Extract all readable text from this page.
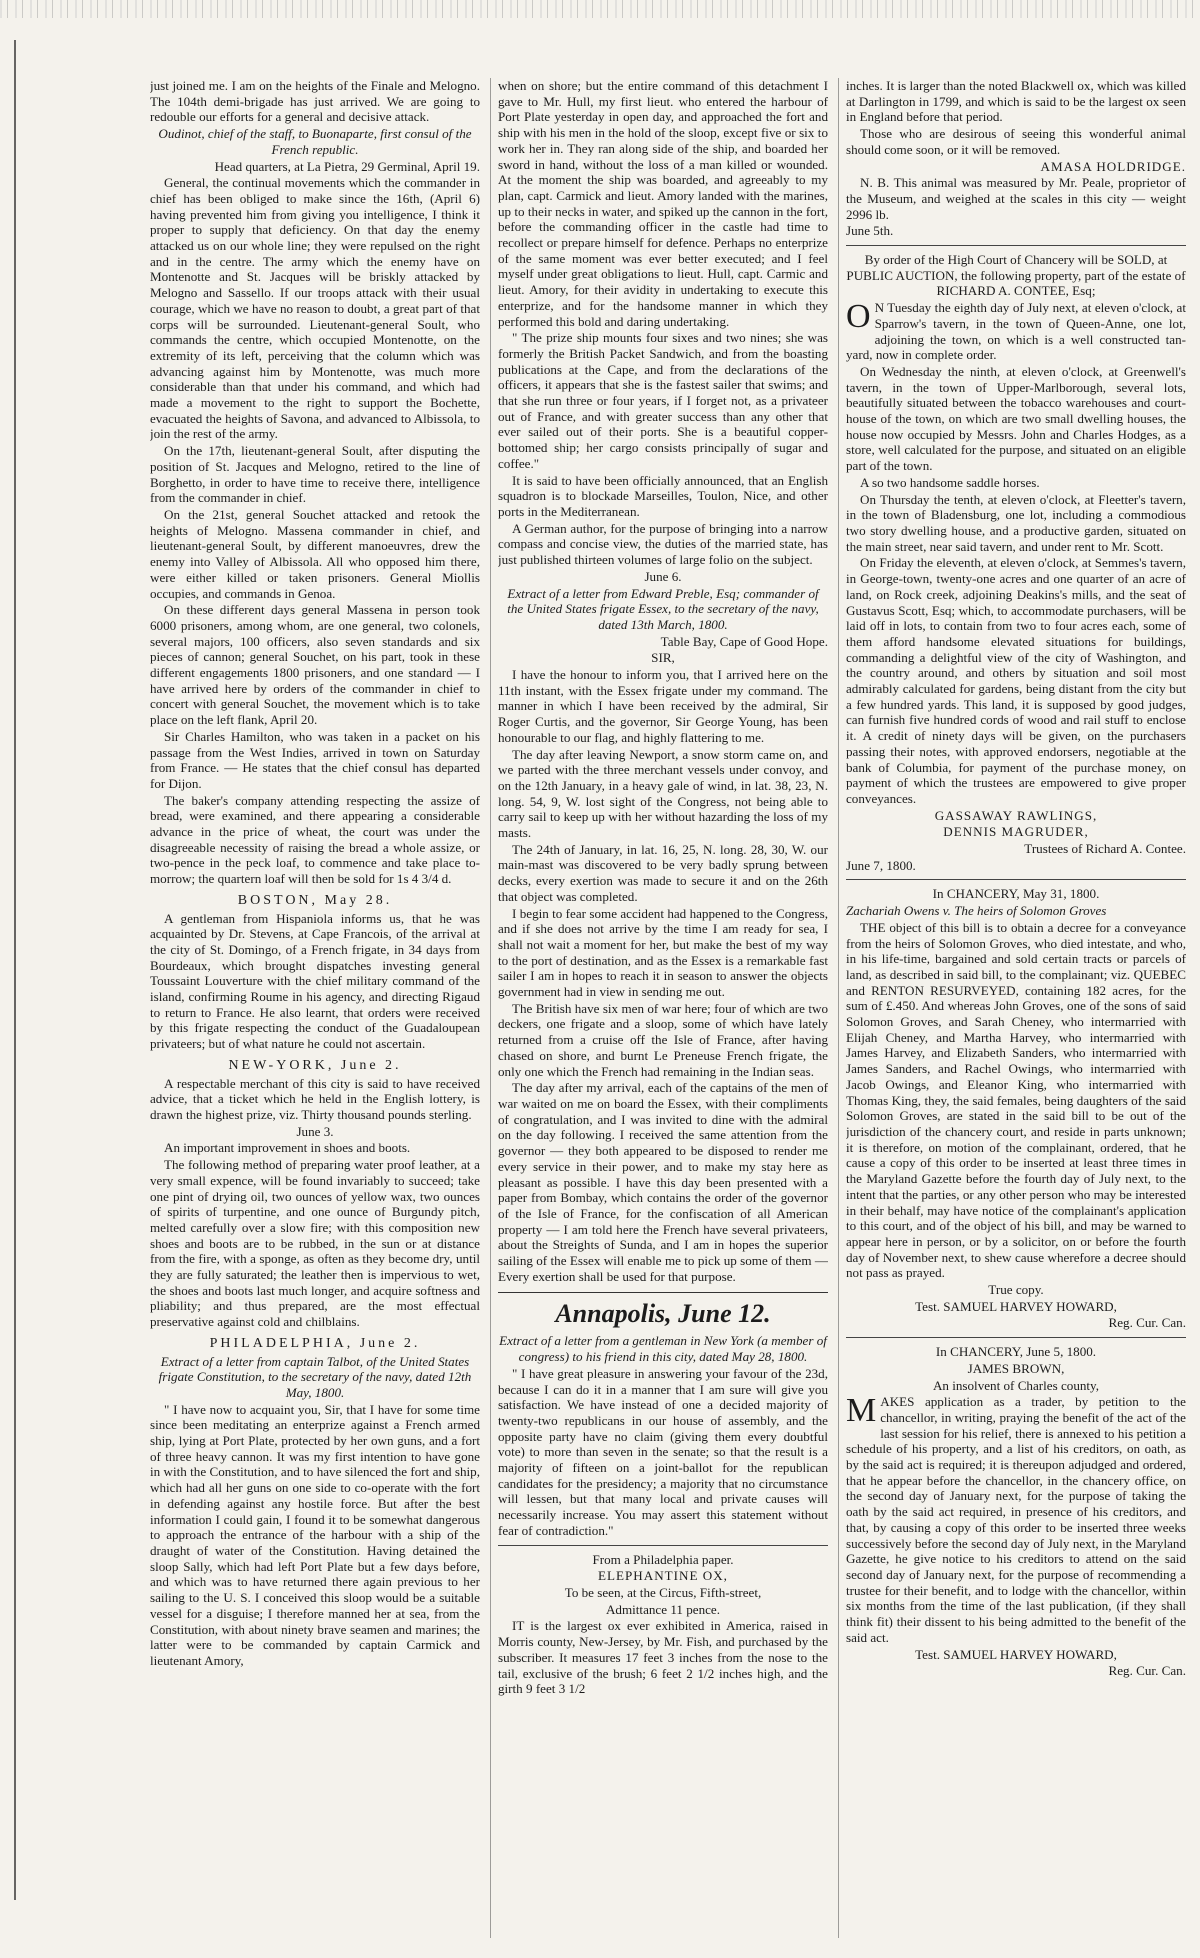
just joined me. I am on the heights of the Finale and Melogno. The 104th demi-brigade has just arrived. We are going to redouble our efforts for a general and decisive attack.

Oudinot, chief of the staff, to Buonaparte, first consul of the French republic.

Head quarters, at La Pietra, 29 Germinal, April 19.

General, the continual movements which the commander in chief has been obliged to make since the 16th, (April 6) having prevented him from giving you intelligence, I think it proper to supply that deficiency. On that day the enemy attacked us on our whole line; they were repulsed on the right and in the centre. The army which the enemy have on Montenotte and St. Jacques will be briskly attacked by Melogno and Sassello. If our troops attack with their usual courage, which we have no reason to doubt, a great part of that corps will be surrounded. Lieutenant-general Soult, who commands the centre, which occupied Montenotte, on the extremity of its left, perceiving that the column which was advancing against him by Montenotte, was much more considerable than that under his command, and which had made a movement to the right to support the Bochette, evacuated the heights of Savona, and advanced to Albissola, to join the rest of the army.

On the 17th, lieutenant-general Soult, after disputing the position of St. Jacques and Melogno, retired to the line of Borghetto, in order to have time to receive there, intelligence from the commander in chief.

On the 21st, general Souchet attacked and retook the heights of Melogno. Massena commander in chief, and lieutenant-general Soult, by different manoeuvres, drew the enemy into Valley of Albissola. All who opposed him there, were either killed or taken prisoners. General Miollis occupies, and commands in Genoa.

On these different days general Massena in person took 6000 prisoners, among whom, are one general, two colonels, several majors, 100 officers, also seven standards and six pieces of cannon; general Souchet, on his part, took in these different engagements 1800 prisoners, and one standard — I have arrived here by orders of the commander in chief to concert with general Souchet, the movement which is to take place on the left flank, April 20.

Sir Charles Hamilton, who was taken in a packet on his passage from the West Indies, arrived in town on Saturday from France. — He states that the chief consul has departed for Dijon.

The baker's company attending respecting the assize of bread, were examined, and there appearing a considerable advance in the price of wheat, the court was under the disagreeable necessity of raising the bread a whole assize, or two-pence in the peck loaf, to commence and take place to-morrow; the quartern loaf will then be sold for 1s 4 3/4 d.

BOSTON, May 28.

A gentleman from Hispaniola informs us, that he was acquainted by Dr. Stevens, at Cape Francois, of the arrival at the city of St. Domingo, of a French frigate, in 34 days from Bourdeaux, which brought dispatches investing general Toussaint Louverture with the chief military command of the island, confirming Roume in his agency, and directing Rigaud to return to France. He also learnt, that orders were received by this frigate respecting the conduct of the Guadaloupean privateers; but of what nature he could not ascertain.

NEW-YORK, June 2.

A respectable merchant of this city is said to have received advice, that a ticket which he held in the English lottery, is drawn the highest prize, viz. Thirty thousand pounds sterling.

June 3.

An important improvement in shoes and boots.

The following method of preparing water proof leather, at a very small expence, will be found invariably to succeed; take one pint of drying oil, two ounces of yellow wax, two ounces of spirits of turpentine, and one ounce of Burgundy pitch, melted carefully over a slow fire; with this composition new shoes and boots are to be rubbed, in the sun or at distance from the fire, with a sponge, as often as they become dry, until they are fully saturated; the leather then is impervious to wet, the shoes and boots last much longer, and acquire softness and pliability; and thus prepared, are the most effectual preservative against cold and chilblains.

PHILADELPHIA, June 2.

Extract of a letter from captain Talbot, of the United States frigate Constitution, to the secretary of the navy, dated 12th May, 1800.

" I have now to acquaint you, Sir, that I have for some time since been meditating an enterprize against a French armed ship, lying at Port Plate, protected by her own guns, and a fort of three heavy cannon. It was my first intention to have gone in with the Constitution, and to have silenced the fort and ship, which had all her guns on one side to co-operate with the fort in defending against any hostile force. But after the best information I could gain, I found it to be somewhat dangerous to approach the entrance of the harbour with a ship of the draught of water of the Constitution. Having detained the sloop Sally, which had left Port Plate but a few days before, and which was to have returned there again previous to her sailing to the U. S. I conceived this sloop would be a suitable vessel for a disguise; I therefore manned her at sea, from the Constitution, with about ninety brave seamen and marines; the latter were to be commanded by captain Carmick and lieutenant Amory,

when on shore; but the entire command of this detachment I gave to Mr. Hull, my first lieut. who entered the harbour of Port Plate yesterday in open day, and approached the fort and ship with his men in the hold of the sloop, except five or six to work her in. They ran along side of the ship, and boarded her sword in hand, without the loss of a man killed or wounded. At the moment the ship was boarded, and agreeably to my plan, capt. Carmick and lieut. Amory landed with the marines, up to their necks in water, and spiked up the cannon in the fort, before the commanding officer in the castle had time to recollect or prepare himself for defence. Perhaps no enterprize of the same moment was ever better executed; and I feel myself under great obligations to lieut. Hull, capt. Carmic and lieut. Amory, for their avidity in undertaking to execute this enterprize, and for the handsome manner in which they performed this bold and daring undertaking.

" The prize ship mounts four sixes and two nines; she was formerly the British Packet Sandwich, and from the boasting publications at the Cape, and from the declarations of the officers, it appears that she is the fastest sailer that swims; and that she run three or four years, if I forget not, as a privateer out of France, and with greater success than any other that ever sailed out of their ports. She is a beautiful copper-bottomed ship; her cargo consists principally of sugar and coffee."

It is said to have been officially announced, that an English squadron is to blockade Marseilles, Toulon, Nice, and other ports in the Mediterranean.

A German author, for the purpose of bringing into a narrow compass and concise view, the duties of the married state, has just published thirteen volumes of large folio on the subject.

June 6.

Extract of a letter from Edward Preble, Esq; commander of the United States frigate Essex, to the secretary of the navy, dated 13th March, 1800.

Table Bay, Cape of Good Hope.

SIR,

I have the honour to inform you, that I arrived here on the 11th instant, with the Essex frigate under my command. The manner in which I have been received by the admiral, Sir Roger Curtis, and the governor, Sir George Young, has been honourable to our flag, and highly flattering to me.

The day after leaving Newport, a snow storm came on, and we parted with the three merchant vessels under convoy, and on the 12th January, in a heavy gale of wind, in lat. 38, 23, N. long. 54, 9, W. lost sight of the Congress, not being able to carry sail to keep up with her without hazarding the loss of my masts.

The 24th of January, in lat. 16, 25, N. long. 28, 30, W. our main-mast was discovered to be very badly sprung between decks, every exertion was made to secure it and on the 26th that object was completed.

I begin to fear some accident had happened to the Congress, and if she does not arrive by the time I am ready for sea, I shall not wait a moment for her, but make the best of my way to the port of destination, and as the Essex is a remarkable fast sailer I am in hopes to reach it in season to answer the objects government had in view in sending me out.

The British have six men of war here; four of which are two deckers, one frigate and a sloop, some of which have lately returned from a cruise off the Isle of France, after having chased on shore, and burnt Le Preneuse French frigate, the only one which the French had remaining in the Indian seas.

The day after my arrival, each of the captains of the men of war waited on me on board the Essex, with their compliments of congratulation, and I was invited to dine with the admiral on the day following. I received the same attention from the governor — they both appeared to be disposed to render me every service in their power, and to make my stay here as pleasant as possible. I have this day been presented with a paper from Bombay, which contains the order of the governor of the Isle of France, for the confiscation of all American property — I am told here the French have several privateers, about the Streights of Sunda, and I am in hopes the superior sailing of the Essex will enable me to pick up some of them — Every exertion shall be used for that purpose.

Annapolis, June 12.

Extract of a letter from a gentleman in New York (a member of congress) to his friend in this city, dated May 28, 1800.

" I have great pleasure in answering your favour of the 23d, because I can do it in a manner that I am sure will give you satisfaction. We have instead of one a decided majority of twenty-two republicans in our house of assembly, and the opposite party have no claim (giving them every doubtful vote) to more than seven in the senate; so that the result is a majority of fifteen on a joint-ballot for the republican candidates for the presidency; a majority that no circumstance will lessen, but that many local and private causes will necessarily increase. You may assert this statement without fear of contradiction."

From a Philadelphia paper.

ELEPHANTINE OX,

To be seen, at the Circus, Fifth-street,

Admittance 11 pence.

IT is the largest ox ever exhibited in America, raised in Morris county, New-Jersey, by Mr. Fish, and purchased by the subscriber. It measures 17 feet 3 inches from the nose to the tail, exclusive of the brush; 6 feet 2 1/2 inches high, and the girth 9 feet 3 1/2

inches. It is larger than the noted Blackwell ox, which was killed at Darlington in 1799, and which is said to be the largest ox seen in England before that period.

Those who are desirous of seeing this wonderful animal should come soon, or it will be removed.

AMASA HOLDRIDGE.

N. B. This animal was measured by Mr. Peale, proprietor of the Museum, and weighed at the scales in this city — weight 2996 lb.

June 5th.

By order of the High Court of Chancery will be SOLD, at PUBLIC AUCTION, the following property, part of the estate of RICHARD A. CONTEE, Esq;

O N Tuesday the eighth day of July next, at eleven o'clock, at Sparrow's tavern, in the town of Queen-Anne, one lot, adjoining the town, on which is a well constructed tan-yard, now in complete order.

On Wednesday the ninth, at eleven o'clock, at Greenwell's tavern, in the town of Upper-Marlborough, several lots, beautifully situated between the tobacco warehouses and court-house of the town, on which are two small dwelling houses, the house now occupied by Messrs. John and Charles Hodges, as a store, well calculated for the purpose, and situated on an eligible part of the town.

A so two handsome saddle horses.

On Thursday the tenth, at eleven o'clock, at Fleetter's tavern, in the town of Bladensburg, one lot, including a commodious two story dwelling house, and a productive garden, situated on the main street, near said tavern, and under rent to Mr. Scott.

On Friday the eleventh, at eleven o'clock, at Semmes's tavern, in George-town, twenty-one acres and one quarter of an acre of land, on Rock creek, adjoining Deakins's mills, and the seat of Gustavus Scott, Esq; which, to accommodate purchasers, will be laid off in lots, to contain from two to four acres each, some of them afford handsome elevated situations for buildings, commanding a delightful view of the city of Washington, and the country around, and others by situation and soil most admirably calculated for gardens, being distant from the city but a few hundred yards. This land, it is supposed by good judges, can furnish five hundred cords of wood and rail stuff to enclose it. A credit of ninety days will be given, on the purchasers passing their notes, with approved endorsers, negotiable at the bank of Columbia, for payment of the purchase money, on payment of which the trustees are empowered to give proper conveyances.

GASSAWAY RAWLINGS,

DENNIS MAGRUDER,

Trustees of Richard A. Contee.

June 7, 1800.

In CHANCERY, May 31, 1800.

Zachariah Owens v. The heirs of Solomon Groves

THE object of this bill is to obtain a decree for a conveyance from the heirs of Solomon Groves, who died intestate, and who, in his life-time, bargained and sold certain tracts or parcels of land, as described in said bill, to the complainant; viz. QUEBEC and RENTON RESURVEYED, containing 182 acres, for the sum of £.450. And whereas John Groves, one of the sons of said Solomon Groves, and Sarah Cheney, who intermarried with Elijah Cheney, and Martha Harvey, who intermarried with James Harvey, and Elizabeth Sanders, who intermarried with James Sanders, and Rachel Owings, who intermarried with Jacob Owings, and Eleanor King, who intermarried with Thomas King, they, the said females, being daughters of the said Solomon Groves, are stated in the said bill to be out of the jurisdiction of the chancery court, and reside in parts unknown; it is therefore, on motion of the complainant, ordered, that he cause a copy of this order to be inserted at least three times in the Maryland Gazette before the fourth day of July next, to the intent that the parties, or any other person who may be interested in their behalf, may have notice of the complainant's application to this court, and of the object of his bill, and may be warned to appear here in person, or by a solicitor, on or before the fourth day of November next, to shew cause wherefore a decree should not pass as prayed.

True copy.

Test. SAMUEL HARVEY HOWARD,

Reg. Cur. Can.

In CHANCERY, June 5, 1800.

JAMES BROWN,

An insolvent of Charles county,

MAKES application as a trader, by petition to the chancellor, in writing, praying the benefit of the act of the last session for his relief, there is annexed to his petition a schedule of his property, and a list of his creditors, on oath, as by the said act is required; it is thereupon adjudged and ordered, that he appear before the chancellor, in the chancery office, on the second day of January next, for the purpose of taking the oath by the said act required, in presence of his creditors, and that, by causing a copy of this order to be inserted three weeks successively before the second day of July next, in the Maryland Gazette, he give notice to his creditors to attend on the said second day of January next, for the purpose of recommending a trustee for their benefit, and to lodge with the chancellor, within six months from the time of the last publication, (if they shall think fit) their dissent to his being admitted to the benefit of the said act.

Test. SAMUEL HARVEY HOWARD,

Reg. Cur. Can.
